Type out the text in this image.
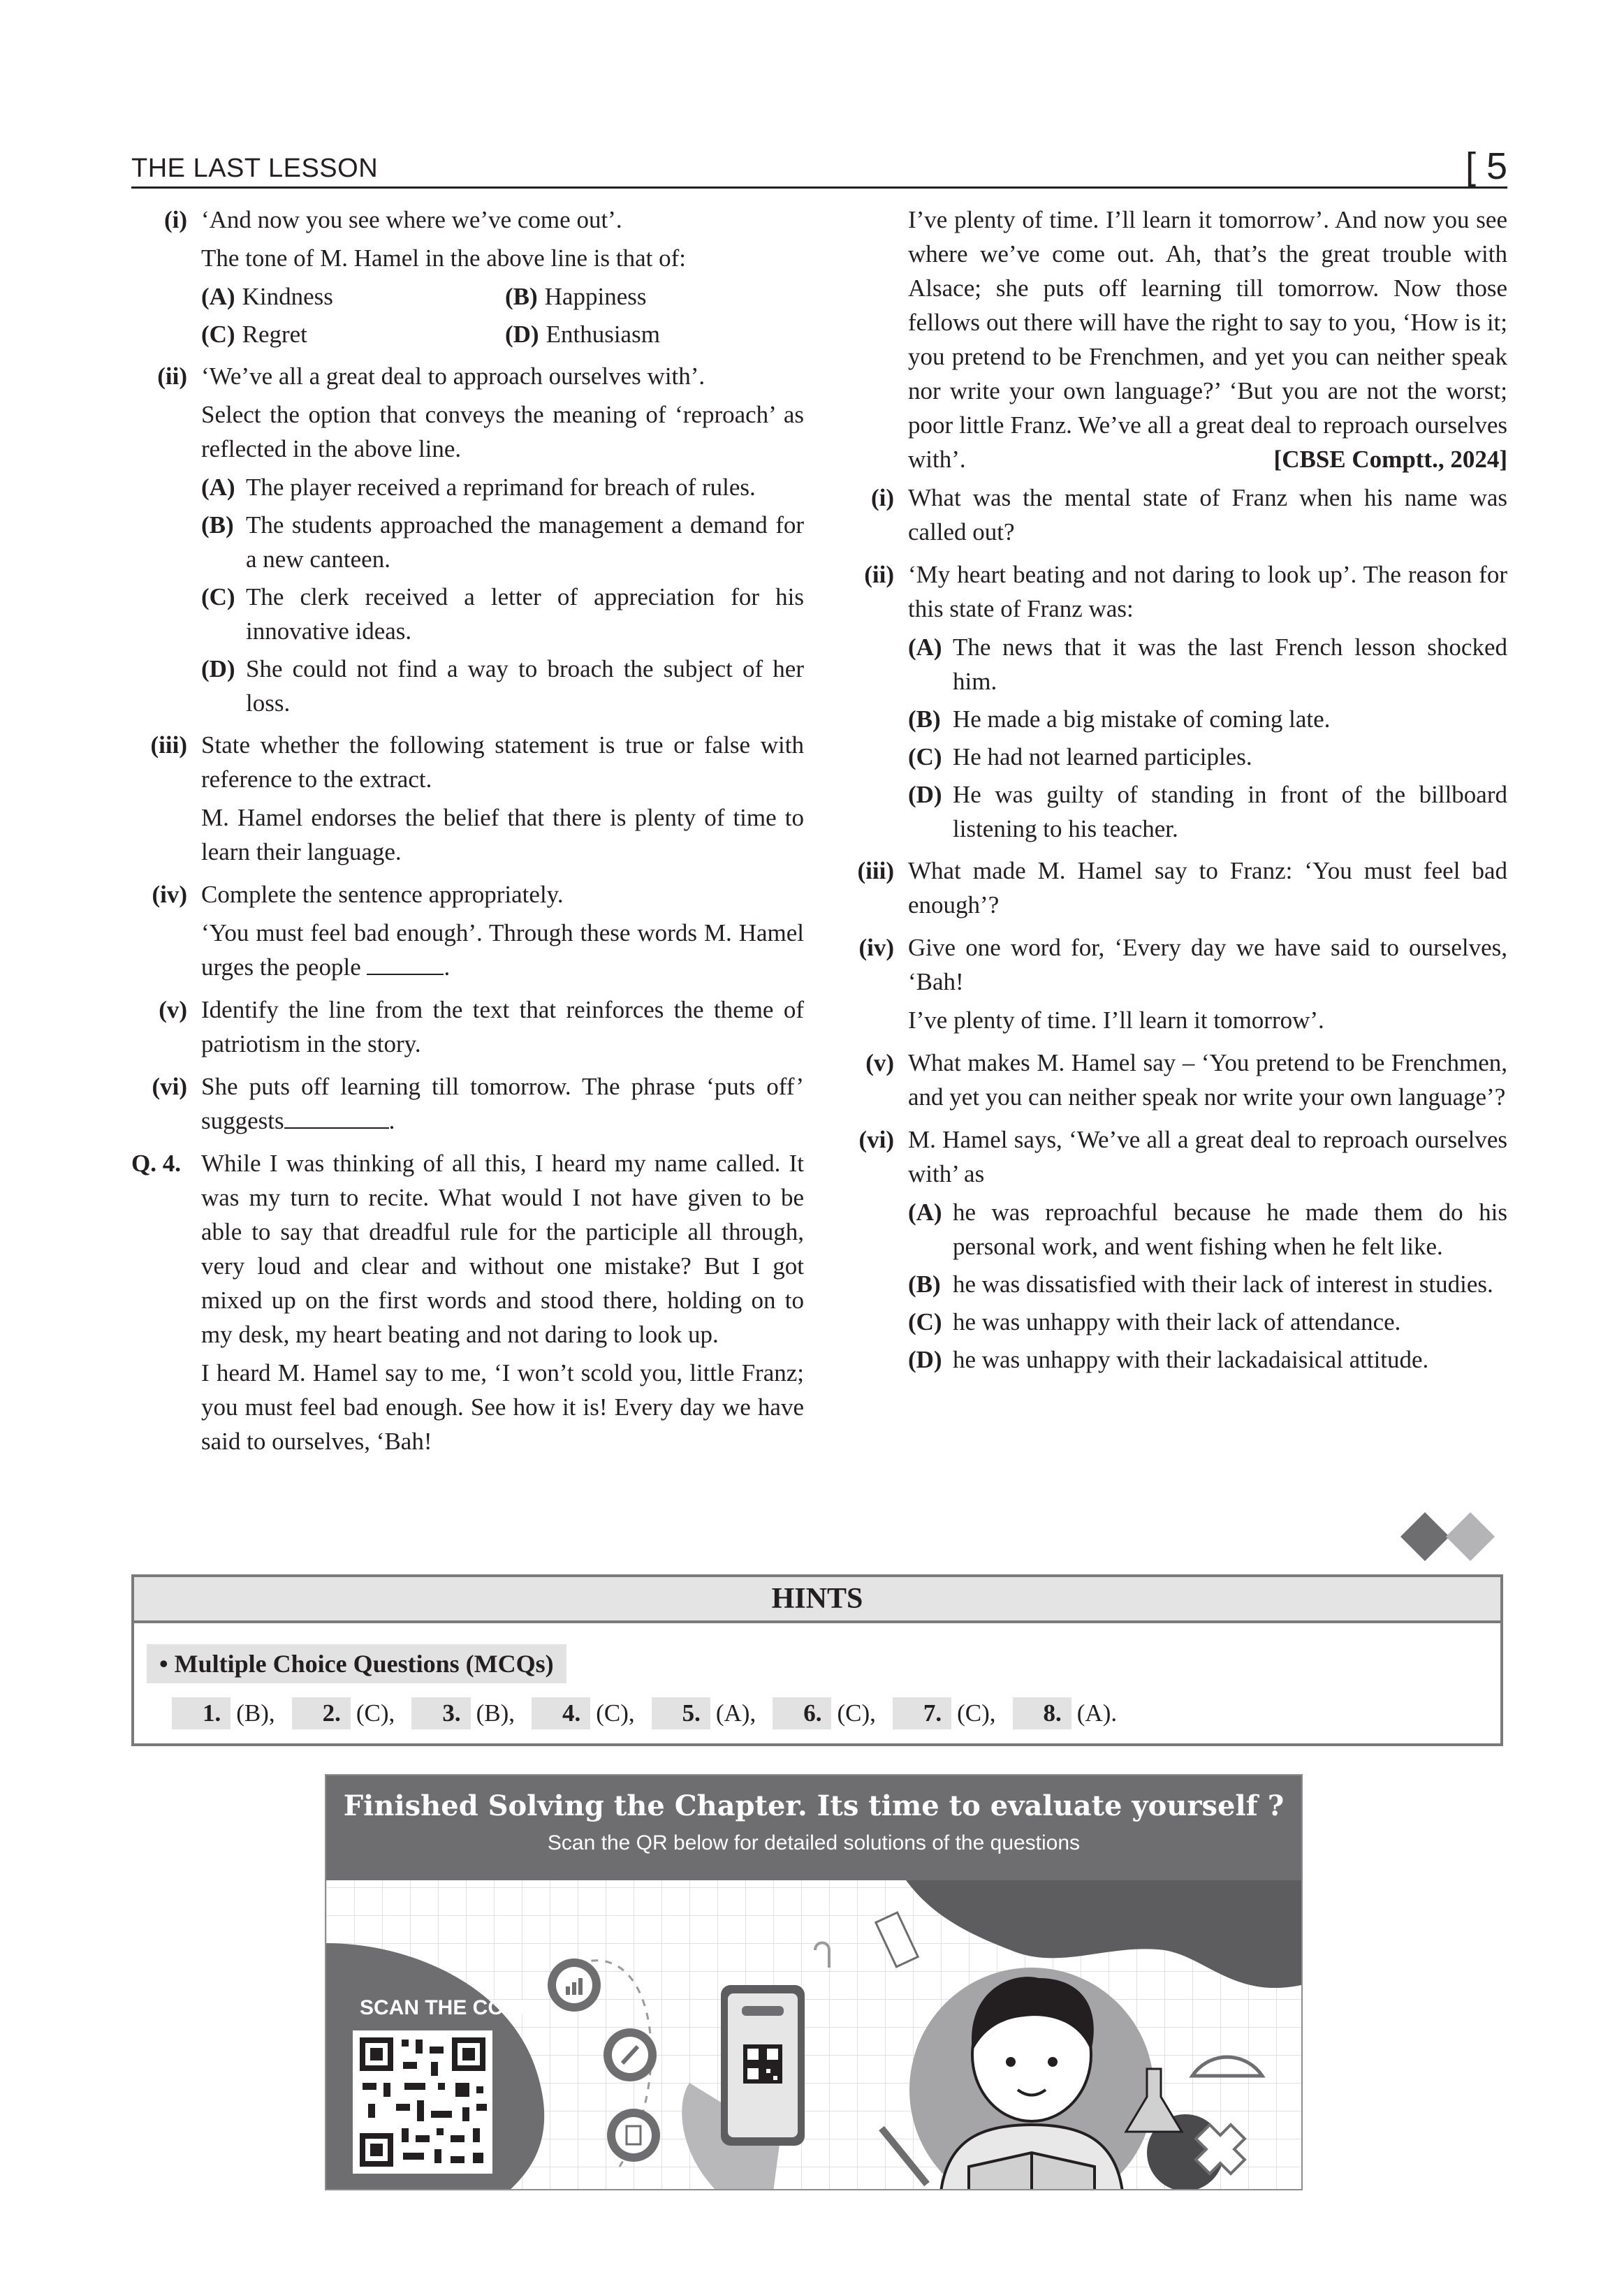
THE LAST LESSON	[ 5
(i) ‘And now you see where we’ve come out’.
The tone of M. Hamel in the above line is that of:
(A) Kindness	(B) Happiness
(C) Regret	(D) Enthusiasm
(ii) ‘We’ve all a great deal to approach ourselves with’.
Select the option that conveys the meaning of ‘reproach’ as reflected in the above line.
(A) The player received a reprimand for breach of rules.
(B) The students approached the management a demand for a new canteen.
(C) The clerk received a letter of appreciation for his innovative ideas.
(D) She could not find a way to broach the subject of her loss.
(iii) State whether the following statement is true or false with reference to the extract.
M. Hamel endorses the belief that there is plenty of time to learn their language.
(iv) Complete the sentence appropriately.
‘You must feel bad enough’. Through these words M. Hamel urges the people	.
(v) Identify the line from the text that reinforces the theme of patriotism in the story.
(vi) She puts off learning till tomorrow. The phrase ‘puts off’ suggests	.
Q. 4. While I was thinking of all this, I heard my name called. It was my turn to recite. What would I not have given to be able to say that dreadful rule for the participle all through, very loud and clear and without one mistake? But I got mixed up on the first words and stood there, holding on to my desk, my heart beating and not daring to look up.
I heard M. Hamel say to me, ‘I won’t scold you, little Franz; you must feel bad enough. See how it is! Every day we have said to ourselves, ‘Bah!
I’ve plenty of time. I’ll learn it tomorrow’. And now you see where we’ve come out. Ah, that’s the great trouble with Alsace; she puts off learning till tomorrow. Now those fellows out there will have the right to say to you, ‘How is it; you pretend to be Frenchmen, and yet you can neither speak nor write your own language?’ ‘But you are not the worst; poor little Franz. We’ve all a great deal to reproach ourselves with’.	[CBSE Comptt., 2024]
(i) What was the mental state of Franz when his name was called out?
(ii) ‘My heart beating and not daring to look up’. The reason for this state of Franz was:
(A) The news that it was the last French lesson shocked him.
(B) He made a big mistake of coming late.
(C) He had not learned participles.
(D) He was guilty of standing in front of the billboard listening to his teacher.
(iii) What made M. Hamel say to Franz: ‘You must feel bad enough’?
(iv) Give one word for, ‘Every day we have said to ourselves, ‘Bah!
I’ve plenty of time. I’ll learn it tomorrow’.
(v) What makes M. Hamel say – ‘You pretend to be Frenchmen, and yet you can neither speak nor write your own language’?
(vi) M. Hamel says, ‘We’ve all a great deal to reproach ourselves with’ as
(A) he was reproachful because he made them do his personal work, and went fishing when he felt like.
(B) he was dissatisfied with their lack of interest in studies.
(C) he was unhappy with their lack of attendance.
(D) he was unhappy with their lackadaisical attitude.
HINTS
• Multiple Choice Questions (MCQs)
1. (B),	2. (C),	3. (B),	4. (C),	5. (A),	6. (C),	7. (C),	8. (A).
Finished Solving the Chapter. Its time to evaluate yourself ?
Scan the QR below for detailed solutions of the questions
SCAN THE CODE
